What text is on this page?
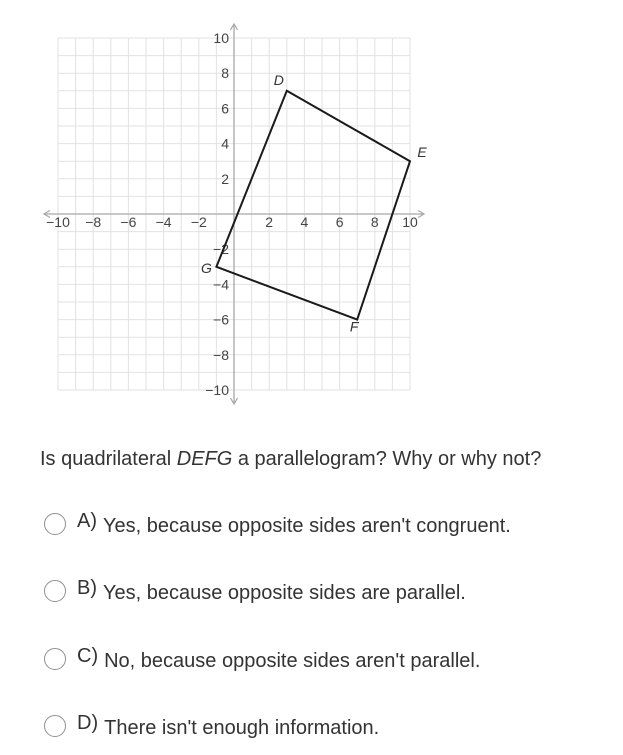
−10 −8 −6 −4 −2	2 4 6 8 10
10
8
6
4
2
−2
−4
−6
−8
−10
D
E
F
G
Is quadrilateral DEFG a parallelogram? Why or why not?
A) Yes, because opposite sides aren't congruent.
B) Yes, because opposite sides are parallel.
C) No, because opposite sides aren't parallel.
D) There isn't enough information.
